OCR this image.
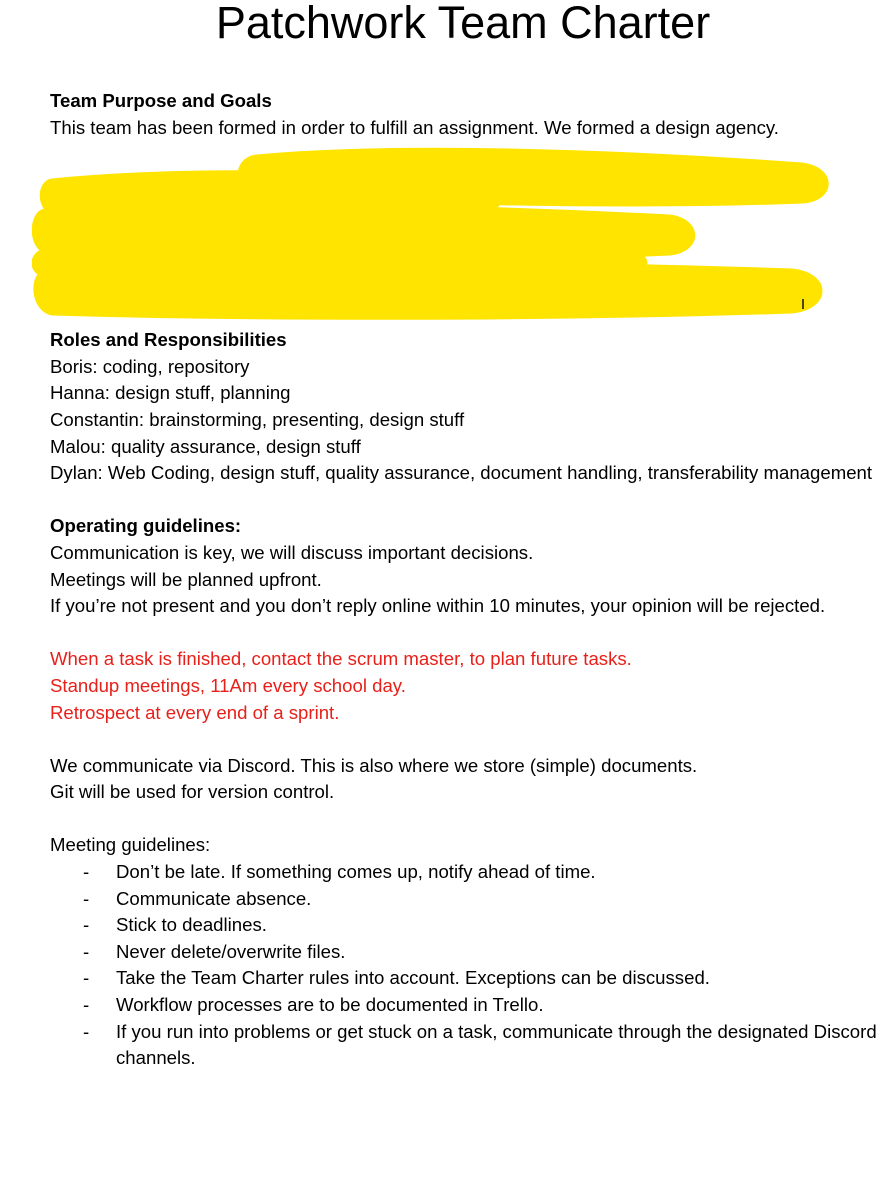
Patchwork Team Charter

Team Purpose and Goals

This team has been formed in order to fulfill an assignment. We formed a design agency.

Roles and Responsibilities

Boris: coding, repository

Hanna: design stuff, planning

Constantin: brainstorming, presenting, design stuff

Malou: quality assurance, design stuff

Dylan: Web Coding, design stuff, quality assurance, document handling, transferability management

Operating guidelines:

Communication is key, we will discuss important decisions.

Meetings will be planned upfront.

If you’re not present and you don’t reply online within 10 minutes, your opinion will be rejected.

When a task is finished, contact the scrum master, to plan future tasks.

Standup meetings, 11Am every school day.

Retrospect at every end of a sprint.

We communicate via Discord. This is also where we store (simple) documents.

Git will be used for version control.

Meeting guidelines:

- Don’t be late. If something comes up, notify ahead of time.
- Communicate absence.
- Stick to deadlines.
- Never delete/overwrite files.
- Take the Team Charter rules into account. Exceptions can be discussed.
- Workflow processes are to be documented in Trello.
- If you run into problems or get stuck on a task, communicate through the designated Discord channels.
